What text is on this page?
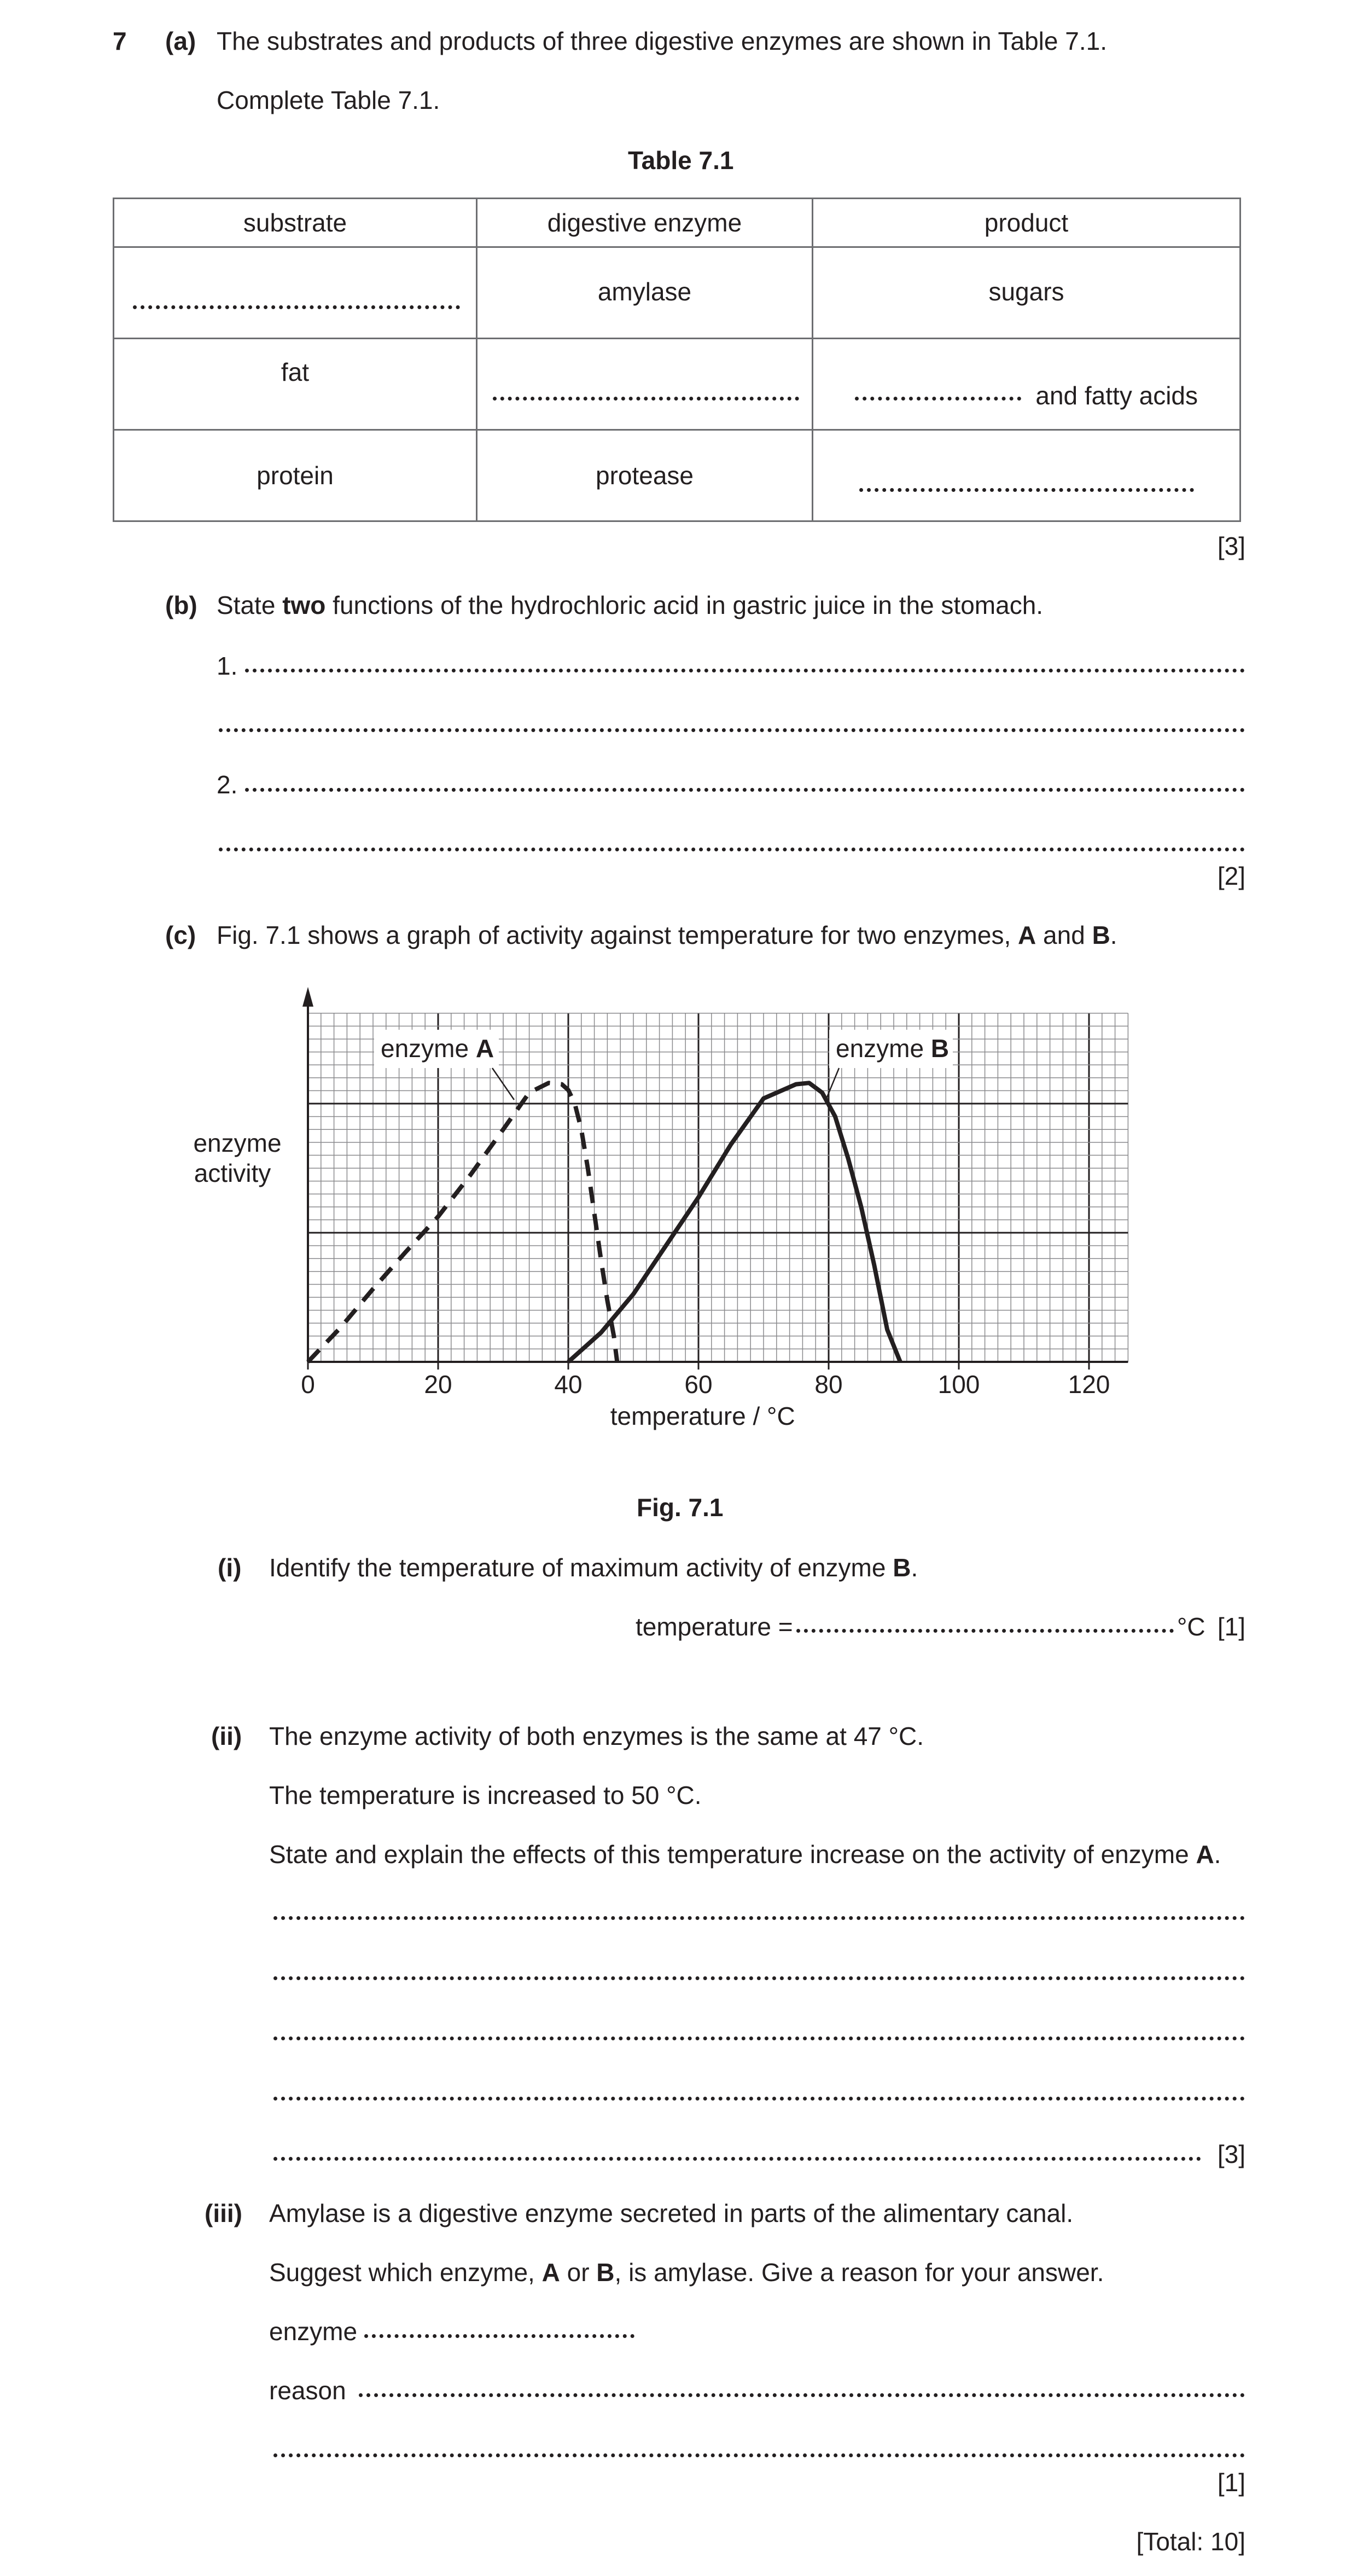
7 (a) The substrates and products of three digestive enzymes are shown in Table 7.1.
Complete Table 7.1.
Table 7.1
substrate	digestive enzyme	product

	amylase	sugars
fat		and fatty acids

protein	protease	
[3]
(b) State two functions of the hydrochloric acid in gastric juice in the stomach.
1.
2.
[2]
(c) Fig. 7.1 shows a graph of activity against temperature for two enzymes, A and B.
0	20	40	60	80	100	120
temperature / °C
enzyme
activity
enzyme A	enzyme B
Fig. 7.1
(i) Identify the temperature of maximum activity of enzyme B.
temperature =	°C [1]
(ii) The enzyme activity of both enzymes is the same at 47 °C.
The temperature is increased to 50 °C.
State and explain the effects of this temperature increase on the activity of enzyme A.
[3]
(iii) Amylase is a digestive enzyme secreted in parts of the alimentary canal.
Suggest which enzyme, A or B, is amylase. Give a reason for your answer.
enzyme
reason
[1]
[Total: 10]
